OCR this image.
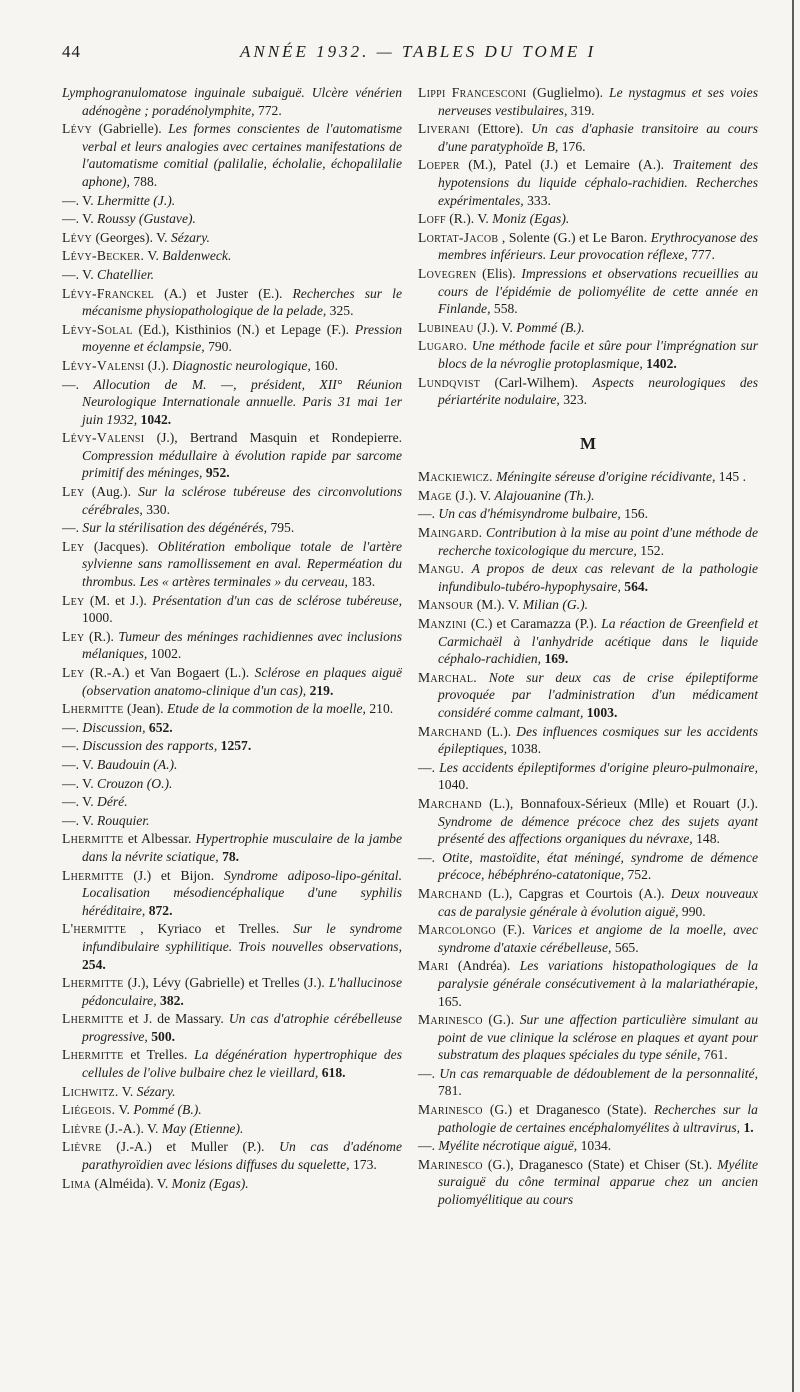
44	ANNÉE 1932. — TABLES DU TOME I
Lymphogranulomatose inguinale subaiguë. Ulcère vénérien adénogène ; poradénolymphite, 772.
Lévy (Gabrielle). Les formes conscientes de l'automatisme verbal et leurs analogies avec certaines manifestations de l'automatisme comitial (palilalie, écholalie, échopalilalie aphone), 788.
—. V. Lhermitte (J.).
—. V. Roussy (Gustave).
Lévy (Georges). V. Sézary.
Lévy-Becker. V. Baldenweck.
—. V. Chatellier.
Lévy-Franckel (A.) et Juster (E.). Recherches sur le mécanisme physiopathologique de la pelade, 325.
Lévy-Solal (Ed.), Kisthinios (N.) et Lepage (F.). Pression moyenne et éclampsie, 790.
Lévy-Valensi (J.). Diagnostic neurologique, 160.
—. Allocution de M. —, président, XII° Réunion Neurologique Internationale annuelle. Paris 31 mai 1er juin 1932, 1042.
Lévy-Valensi (J.), Bertrand Masquin et Rondepierre. Compression médullaire à évolution rapide par sarcome primitif des méninges, 952.
Ley (Aug.). Sur la sclérose tubéreuse des circonvolutions cérébrales, 330.
—. Sur la stérilisation des dégénérés, 795.
Ley (Jacques). Oblitération embolique totale de l'artère sylvienne sans ramollissement en aval. Reperméation du thrombus. Les « artères terminales » du cerveau, 183.
Ley (M. et J.). Présentation d'un cas de sclérose tubéreuse, 1000.
Ley (R.). Tumeur des méninges rachidiennes avec inclusions mélaniques, 1002.
Ley (R.-A.) et Van Bogaert (L.). Sclérose en plaques aiguë (observation anatomo-clinique d'un cas), 219.
Lhermitte (Jean). Etude de la commotion de la moelle, 210.
—. Discussion, 652.
—. Discussion des rapports, 1257.
—. V. Baudouin (A.).
—. V. Crouzon (O.).
—. V. Déré.
—. V. Rouquier.
Lhermitte et Albessar. Hypertrophie musculaire de la jambe dans la névrite sciatique, 78.
Lhermitte (J.) et Bijon. Syndrome adiposo-lipo-génital. Localisation mésodiencéphalique d'une syphilis héréditaire, 872.
L'hermitte , Kyriaco et Trelles. Sur le syndrome infundibulaire syphilitique. Trois nouvelles observations, 254.
Lhermitte (J.), Lévy (Gabrielle) et Trelles (J.). L'hallucinose pédonculaire, 382.
Lhermitte et J. de Massary. Un cas d'atrophie cérébelleuse progressive, 500.
Lhermitte et Trelles. La dégénération hypertrophique des cellules de l'olive bulbaire chez le vieillard, 618.
Lichwitz. V. Sézary.
Liégeois. V. Pommé (B.).
Lièvre (J.-A.). V. May (Etienne).
Lièvre (J.-A.) et Muller (P.). Un cas d'adénome parathyroïdien avec lésions diffuses du squelette, 173.
Lima (Alméida). V. Moniz (Egas).
Lippi Francesconi (Guglielmo). Le nystagmus et ses voies nerveuses vestibulaires, 319.
Liverani (Ettore). Un cas d'aphasie transitoire au cours d'une paratyphoïde B, 176.
Loeper (M.), Patel (J.) et Lemaire (A.). Traitement des hypotensions du liquide céphalo-rachidien. Recherches expérimentales, 333.
Loff (R.). V. Moniz (Egas).
Lortat-Jacob , Solente (G.) et Le Baron. Erythrocyanose des membres inférieurs. Leur provocation réflexe, 777.
Lovegren (Elis). Impressions et observations recueillies au cours de l'épidémie de poliomyélite de cette année en Finlande, 558.
Lubineau (J.). V. Pommé (B.).
Lugaro. Une méthode facile et sûre pour l'imprégnation sur blocs de la névroglie protoplasmique, 1402.
Lundqvist (Carl-Wilhem). Aspects neurologiques des périartérite nodulaire, 323.
M
Mackiewicz. Méningite séreuse d'origine récidivante, 145 .
Mage (J.). V. Alajouanine (Th.).
—. Un cas d'hémisyndrome bulbaire, 156.
Maingard. Contribution à la mise au point d'une méthode de recherche toxicologique du mercure, 152.
Mangu. A propos de deux cas relevant de la pathologie infundibulo-tubéro-hypophysaire, 564.
Mansour (M.). V. Milian (G.).
Manzini (C.) et Caramazza (P.). La réaction de Greenfield et Carmichaël à l'anhydride acétique dans le liquide céphalo-rachidien, 169.
Marchal. Note sur deux cas de crise épileptiforme provoquée par l'administration d'un médicament considéré comme calmant, 1003.
Marchand (L.). Des influences cosmiques sur les accidents épileptiques, 1038.
—. Les accidents épileptiformes d'origine pleuro-pulmonaire, 1040.
Marchand (L.), Bonnafoux-Sérieux (Mlle) et Rouart (J.). Syndrome de démence précoce chez des sujets ayant présenté des affections organiques du névraxe, 148.
—. Otite, mastoïdite, état méningé, syndrome de démence précoce, hébéphréno-catatonique, 752.
Marchand (L.), Capgras et Courtois (A.). Deux nouveaux cas de paralysie générale à évolution aiguë, 990.
Marcolongo (F.). Varices et angiome de la moelle, avec syndrome d'ataxie cérébelleuse, 565.
Mari (Andréa). Les variations histopathologiques de la paralysie générale consécutivement à la malariathérapie, 165.
Marinesco (G.). Sur une affection particulière simulant au point de vue clinique la sclérose en plaques et ayant pour substratum des plaques spéciales du type sénile, 761.
—. Un cas remarquable de dédoublement de la personnalité, 781.
Marinesco (G.) et Draganesco (State). Recherches sur la pathologie de certaines encéphalomyélites à ultravirus, 1.
—. Myélite nécrotique aiguë, 1034.
Marinesco (G.), Draganesco (State) et Chiser (St.). Myélite suraiguë du cône terminal apparue chez un ancien poliomyélitique au cours
